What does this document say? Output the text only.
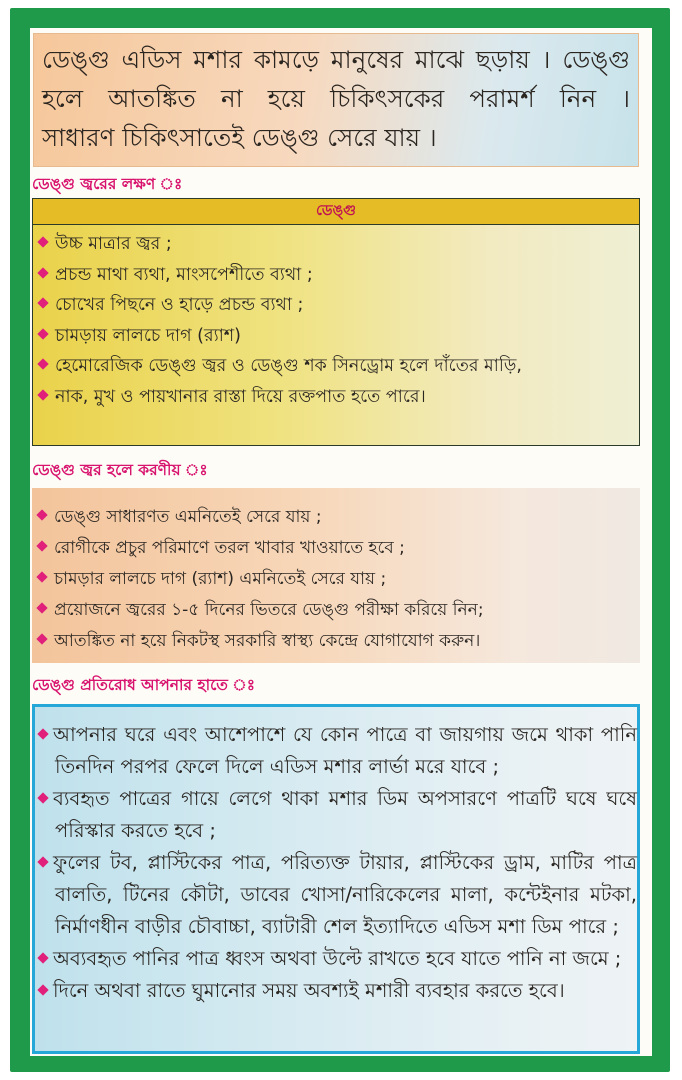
ডেঙ্গু এডিস মশার কামড়ে মানুষের মাঝে ছড়ায় । ডেঙ্গু
হলে আতঙ্কিত না হয়ে চিকিৎসকের পরামর্শ নিন ।
সাধারণ চিকিৎসাতেই ডেঙ্গু সেরে যায় ।
ডেঙ্গু জ্বরের লক্ষণ ঃ
ডেঙ্গু
উচ্চ মাত্রার জ্বর ;
প্রচন্ড মাথা ব্যথা, মাংসপেশীতে ব্যথা ;
চোখের পিছনে ও হাড়ে প্রচন্ড ব্যথা ;
চামড়ায় লালচে দাগ (র‌্যাশ)
হেমোরেজিক ডেঙ্গু জ্বর ও ডেঙ্গু শক সিনড্রোম হলে দাঁতের মাড়ি,
নাক, মুখ ও পায়খানার রাস্তা দিয়ে রক্তপাত হতে পারে।
ডেঙ্গু জ্বর হলে করণীয় ঃ
ডেঙ্গু সাধারণত এমনিতেই সেরে যায় ;
রোগীকে প্রচুর পরিমাণে তরল খাবার খাওয়াতে হবে ;
চামড়ার লালচে দাগ (র‌্যাশ) এমনিতেই সেরে যায় ;
প্রয়োজনে জ্বরের ১-৫ দিনের ভিতরে ডেঙ্গু পরীক্ষা করিয়ে নিন;
আতঙ্কিত না হয়ে নিকটস্থ সরকারি স্বাস্থ্য কেন্দ্রে যোগাযোগ করুন।
ডেঙ্গু প্রতিরোধ আপনার হাতে ঃ
আপনার ঘরে এবং আশেপাশে যে কোন পাত্রে বা জায়গায় জমে থাকা পানি তিনদিন পরপর ফেলে দিলে এডিস মশার লার্ভা মরে যাবে ;
ব্যবহৃত পাত্রের গায়ে লেগে থাকা মশার ডিম অপসারণে পাত্রটি ঘষে ঘষে পরিস্কার করতে হবে ;
ফুলের টব, প্লাস্টিকের পাত্র, পরিত্যক্ত টায়ার, প্লাস্টিকের ড্রাম, মাটির পাত্র বালতি, টিনের কৌটা, ডাবের খোসা/নারিকেলের মালা, কন্টেইনার মটকা, নির্মাণধীন বাড়ীর চৌবাচ্চা, ব্যাটারী শেল ইত্যাদিতে এডিস মশা ডিম পারে ;
অব্যবহৃত পানির পাত্র ধ্বংস অথবা উল্টে রাখতে হবে যাতে পানি না জমে ;
দিনে অথবা রাতে ঘুমানোর সময় অবশ্যই মশারী ব্যবহার করতে হবে।
